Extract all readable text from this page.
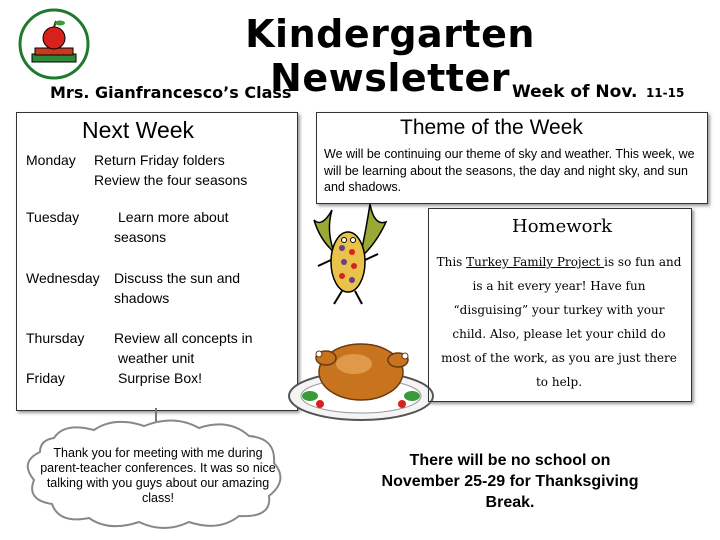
Kindergarten Newsletter
Mrs. Gianfrancesco’s Class	Week of Nov. 11-15
Next Week
Monday Return Friday folders
Review the four seasons
Tuesday	Learn more about
seasons
Wednesday Discuss the sun and
shadows
Thursday Review all concepts in
weather unit
Friday	Surprise Box!
Thank you for meeting with me during parent-teacher conferences. It was so nice talking with you guys about our amazing class!
Theme of the Week
We will be continuing our theme of sky and weather. This week, we will be learning about the seasons, the day and night sky, and sun and shadows.
Homework
This Turkey Family Project is so fun and is a hit every year! Have fun “disguising” your turkey with your child. Also, please let your child do most of the work, as you are just there to help.
There will be no school on November 25-29 for Thanksgiving Break.
